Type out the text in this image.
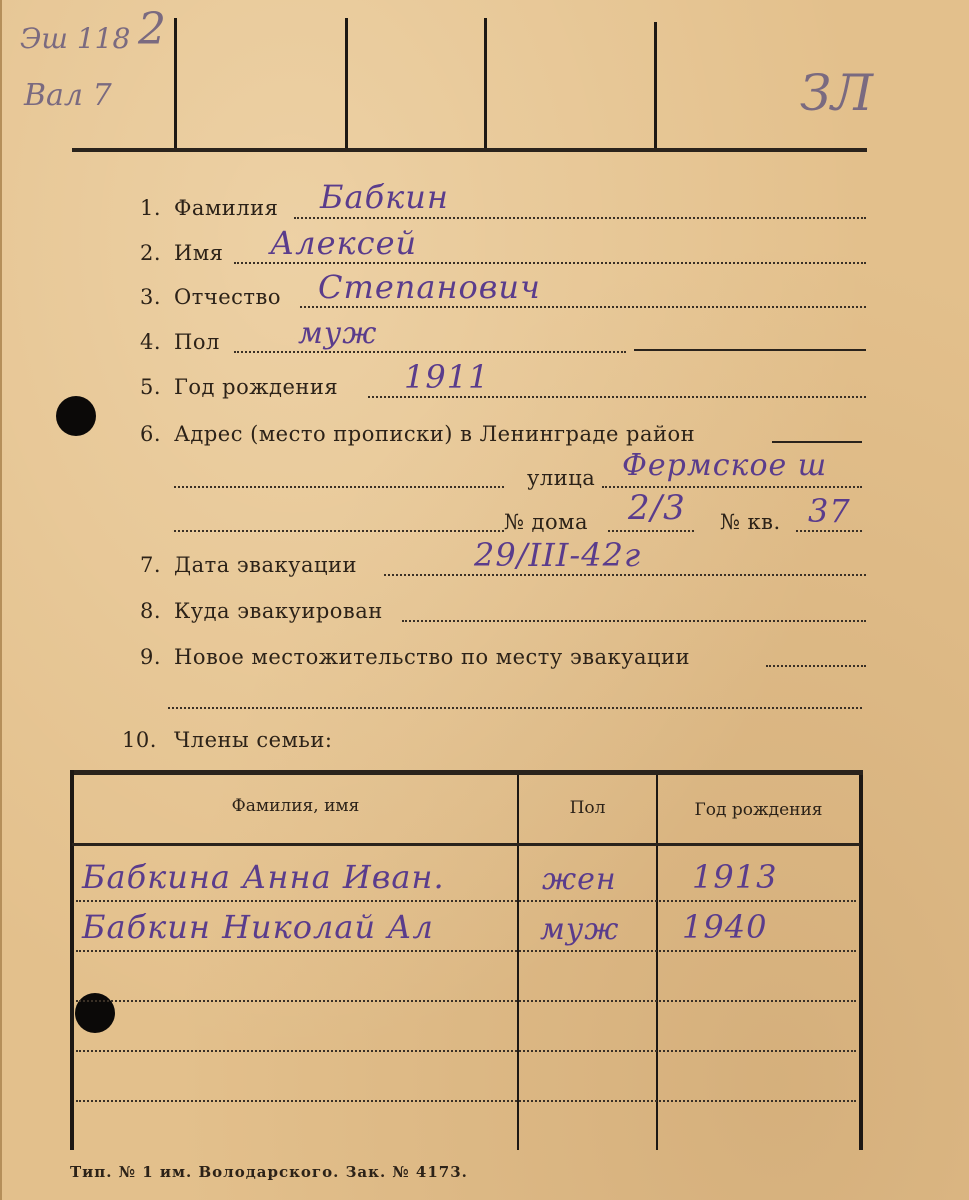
Эш 118 2
Вал 7	ЗЛ
1. Фамилия Бабкин
2. Имя Алексей
3. Отчество Степанович
4. Пол	муж
5. Год рождения 1911
6. Адрес (место прописки) в Ленинграде район
улица Фермское ш
№ дома 2/3 № кв. 37
7. Дата эвакуации	29/III-42г
8. Куда эвакуирован
9. Новое местожительство по месту эвакуации
10. Члены семьи:
Фамилия, имя	Пол	Год рождения
Бабкина Анна Иван.	жен 1913
Бабкин Николай Ал	муж 1940
Тип. № 1 им. Володарского. Зак. № 4173.
